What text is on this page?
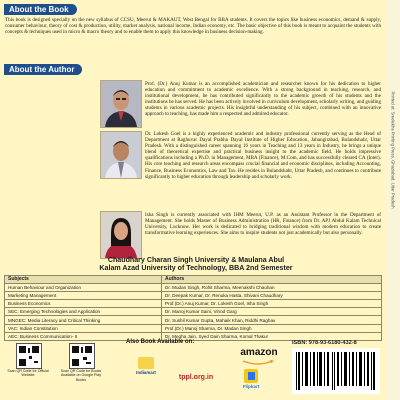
About the Book

This book is designed specially on the new syllabus of CCSU, Meerut & MAKAUT, West Bengal for BBA students. It covers the topics like business economics, demand & supply, consumer behaviour, theory of cost & production, utility, market analysis, national income, Indian economy, etc. The basic objective of this book is meant to acquaint the students with concepts & techniques used in micro & macro theory and to enable them to apply this knowledge in business decision-making.

About the Author

Prof. (Dr.) Anuj Kumar is an accomplished academician and researcher known for his dedication to higher education and commitment to academic excellence. With a strong background in teaching, research, and institutional development, he has contributed significantly to the academic growth of his students and the institutions he has served. He has been actively involved in curriculum development, scholarly writing, and guiding students in various academic projects. His insightful understanding of his subject, combined with an innovative approach to teaching, has made him a respected and admired educator.

Dr. Lokesh Goel is a highly experienced academic and industry professional currently serving as the Head of Department at Raghuvar Dayal Prabhu Dayal Institute of Higher Education, Jahangirabad, Bulandshahr, Uttar Pradesh. With a distinguished career spanning 16 years in Teaching and 13 years in Industry, he brings a unique blend of theoretical expertise and practical business insight to the academic field. He holds impressive qualifications including a Ph.D. in Management, MBA (Finance), M.Com, and has successfully cleared CA (Inter). His core teaching and research areas encompass crucial financial and economic disciplines, including Accounting, Finance, Business Economics, Law and Tax. He resides in Bulandshahr, Uttar Pradesh, and continues to contribute significantly to higher education through leadership and scholarly work.

Isha Singh is currently associated with IHM Meerut, U.P. as an Assistant Professor in the Department of Management. She holds Master of Business Administration (HR, Finance) from Dr. APJ Abdul Kalam Technical University, Lucknow. Her work is dedicated to bridging traditional wisdom with modern education to create transformative learning experiences. She aims to inspire students not just academically but also personally.

Chaudhary Charan Singh University & Maulana Abul
Kalam Azad University of Technology, BBA 2nd Semester
Subjects	Authors
Human Behaviour and Organization	Dr. Mudan Singh, Rohit Sharma, Meenakshi Chauhan
Marketing Management	Dr. Deepak Kumar, Dr. Renuka Hasta, Shivani Chaudhary
Business Economics	Prof.(Dr.) Anuj Kumar, Dr. Lokesh Goel, Isha Singh
SEC: Emerging Technologies and Application	Dr. Manoj Kumar Saini, Vinod Garg
MNGEC: Media Literacy and Critical Thinking	Dr. Sushil Kumar Gupta, Mahaik Khan, Riddhi Raghav
VAC: Indian Constitution	Prof.(Dr.) Manoj Sharma, Dr. Madan Singh
AEC: Business Communication- II	Dr. Megha Jain, Syed Dain Sharma, Komal Thakur
Scan QR Code for Official Website
Scan QR Code for Books Available on Google Play Books
Also Book Available on:
amazon
Indiamart
tppl.org.in
Flipkart
ISBN: 978-93-6180-432-8
Printed at: Sreelekha Printing Press, Ghaziabad, Uttar Pradesh
